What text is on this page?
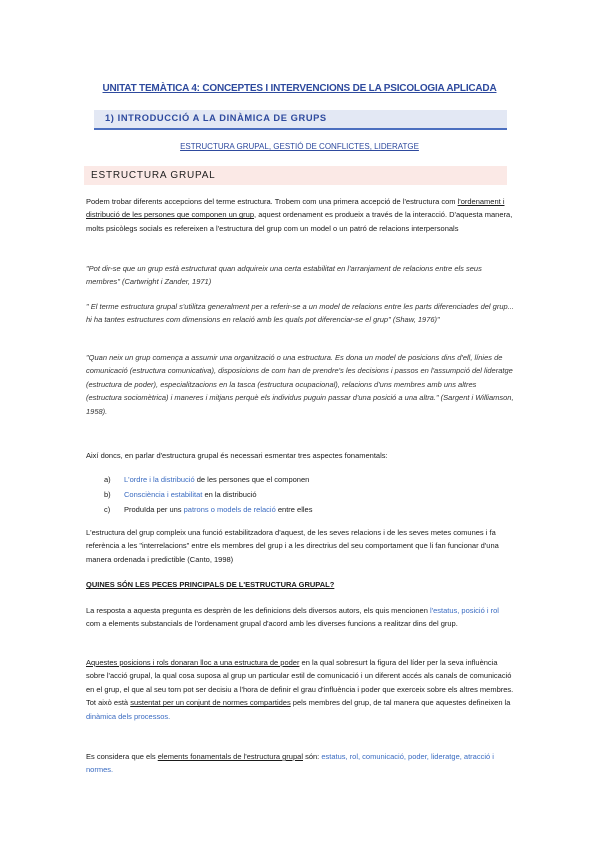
UNITAT TEMÀTICA 4: CONCEPTES I INTERVENCIONS DE LA PSICOLOGIA APLICADA
1) INTRODUCCIÓ A LA DINÀMICA DE GRUPS
ESTRUCTURA GRUPAL, GESTIÓ DE CONFLICTES, LIDERATGE
ESTRUCTURA GRUPAL

Podem trobar diferents accepcions del terme estructura. Trobem com una primera accepció de l'estructura com l'ordenament i distribució de les persones que componen un grup, aquest ordenament es produeix a través de la interacció. D'aquesta manera, molts psicòlegs socials es refereixen a l'estructura del grup com un model o un patró de relacions interpersonals

"Pot dir-se que un grup està estructurat quan adquireix una certa estabilitat en l'arranjament de relacions entre els seus membres" (Cartwright i Zander, 1971)

" El terme estructura grupal s'utilitza generalment per a referir-se a un model de relacions entre les parts diferenciades del grup... hi ha tantes estructures com dimensions en relació amb les quals pot diferenciar-se el grup" (Shaw, 1976)"

"Quan neix un grup comença a assumir una organització o una estructura. Es dona un model de posicions dins d'ell, línies de comunicació (estructura comunicativa), disposicions de com han de prendre's les decisions i passos en l'assumpció del lideratge (estructura de poder), especialitzacions en la tasca (estructura ocupacional), relacions d'uns membres amb uns altres (estructura sociomètrica) i maneres i mitjans perquè els individus puguin passar d'una posició a una altra." (Sargent i Williamson, 1958).

Així doncs, en parlar d'estructura grupal és necessari esmentar tres aspectes fonamentals:

a) L'ordre i la distribució de les persones que el componen
b) Consciència i estabilitat en la distribució
c) Produïda per uns patrons o models de relació entre elles

L'estructura del grup compleix una funció estabilitzadora d'aquest, de les seves relacions i de les seves metes comunes i fa referència a les "interrelacions" entre els membres del grup i a les directrius del seu comportament que li fan funcionar d'una manera ordenada i predictible (Canto, 1998)

QUINES SÓN LES PECES PRINCIPALS DE L'ESTRUCTURA GRUPAL?

La resposta a aquesta pregunta es desprèn de les definicions dels diversos autors, els quis mencionen l'estatus, posició i rol com a elements substancials de l'ordenament grupal d'acord amb les diverses funcions a realitzar dins del grup.

Aquestes posicions i rols donaran lloc a una estructura de poder en la qual sobresurt la figura del líder per la seva influència sobre l'acció grupal, la qual cosa suposa al grup un particular estil de comunicació i un diferent accés als canals de comunicació en el grup, el que al seu torn pot ser decisiu a l'hora de definir el grau d'influència i poder que exerceix sobre els altres membres. Tot això està sustentat per un conjunt de normes compartides pels membres del grup, de tal manera que aquestes defineixen la dinàmica dels processos.

Es considera que els elements fonamentals de l'estructura grupal són: estatus, rol, comunicació, poder, lideratge, atracció i normes.
